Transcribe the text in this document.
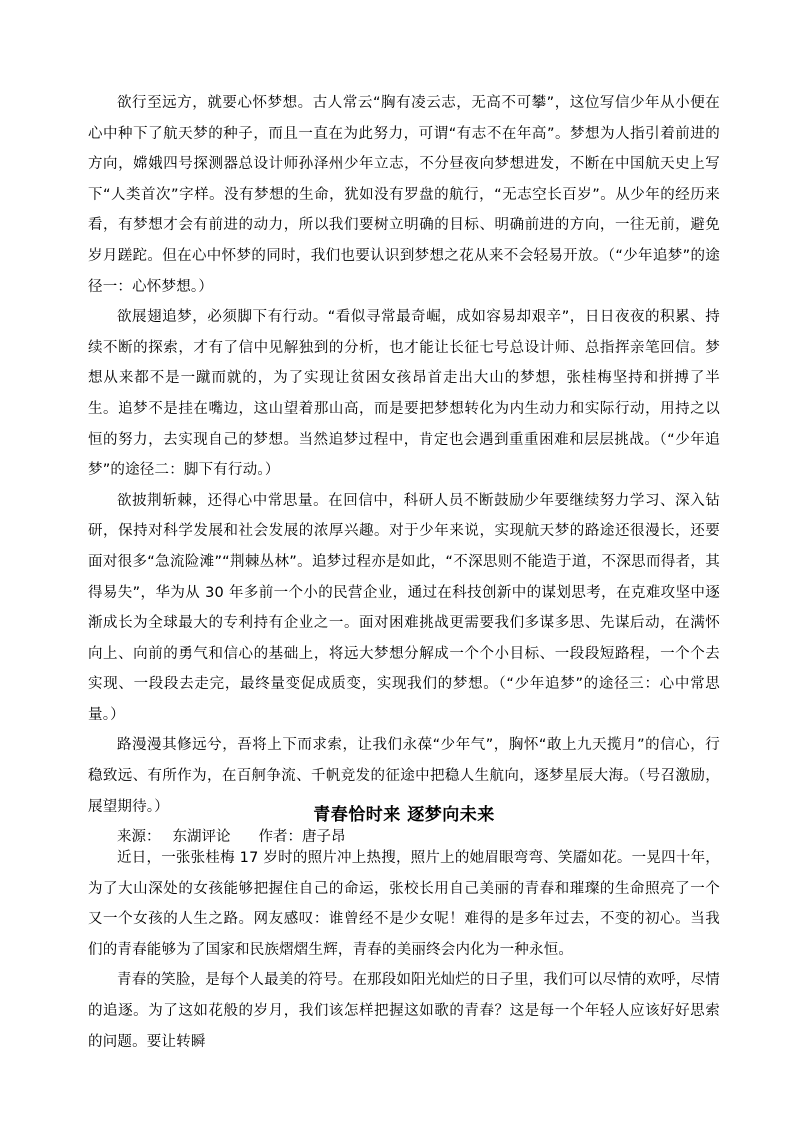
欲行至远方，就要心怀梦想。古人常云“胸有凌云志，无高不可攀”，这位写信少年从小便在心中种下了航天梦的种子，而且一直在为此努力，可谓“有志不在年高”。梦想为人指引着前进的方向，嫦娥四号探测器总设计师孙泽州少年立志，不分昼夜向梦想进发，不断在中国航天史上写下“人类首次”字样。没有梦想的生命，犹如没有罗盘的航行，“无志空长百岁”。从少年的经历来看，有梦想才会有前进的动力，所以我们要树立明确的目标、明确前进的方向，一往无前，避免岁月蹉跎。但在心中怀梦的同时，我们也要认识到梦想之花从来不会轻易开放。（“少年追梦”的途径一：心怀梦想。）

欲展翅追梦，必须脚下有行动。“看似寻常最奇崛，成如容易却艰辛”，日日夜夜的积累、持续不断的探索，才有了信中见解独到的分析，也才能让长征七号总设计师、总指挥亲笔回信。梦想从来都不是一蹴而就的，为了实现让贫困女孩昂首走出大山的梦想，张桂梅坚持和拼搏了半生。追梦不是挂在嘴边，这山望着那山高，而是要把梦想转化为内生动力和实际行动，用持之以恒的努力，去实现自己的梦想。当然追梦过程中，肯定也会遇到重重困难和层层挑战。（“少年追梦”的途径二：脚下有行动。）

欲披荆斩棘，还得心中常思量。在回信中，科研人员不断鼓励少年要继续努力学习、深入钻研，保持对科学发展和社会发展的浓厚兴趣。对于少年来说，实现航天梦的路途还很漫长，还要面对很多“急流险滩”“荆棘丛林”。追梦过程亦是如此，“不深思则不能造于道，不深思而得者，其得易失”，华为从 30 年多前一个小的民营企业，通过在科技创新中的谋划思考，在克难攻坚中逐渐成长为全球最大的专利持有企业之一。面对困难挑战更需要我们多谋多思、先谋后动，在满怀向上、向前的勇气和信心的基础上，将远大梦想分解成一个个小目标、一段段短路程，一个个去实现、一段段去走完，最终量变促成质变，实现我们的梦想。（“少年追梦”的途径三：心中常思量。）

路漫漫其修远兮，吾将上下而求索，让我们永葆“少年气”，胸怀“敢上九天揽月”的信心，行稳致远、有所作为，在百舸争流、千帆竞发的征途中把稳人生航向，逐梦星辰大海。（号召激励，展望期待。）

来源： 东湖评论 作者：唐子昂

青春恰时来 逐梦向未来

近日，一张张桂梅 17 岁时的照片冲上热搜，照片上的她眉眼弯弯、笑靥如花。一晃四十年，为了大山深处的女孩能够把握住自己的命运，张校长用自己美丽的青春和璀璨的生命照亮了一个又一个女孩的人生之路。网友感叹：谁曾经不是少女呢！难得的是多年过去，不变的初心。当我们的青春能够为了国家和民族熠熠生辉，青春的美丽终会内化为一种永恒。

青春的笑脸，是每个人最美的符号。在那段如阳光灿烂的日子里，我们可以尽情的欢呼，尽情的追逐。为了这如花般的岁月，我们该怎样把握这如歌的青春？这是每一个年轻人应该好好思索的问题。要让转瞬
